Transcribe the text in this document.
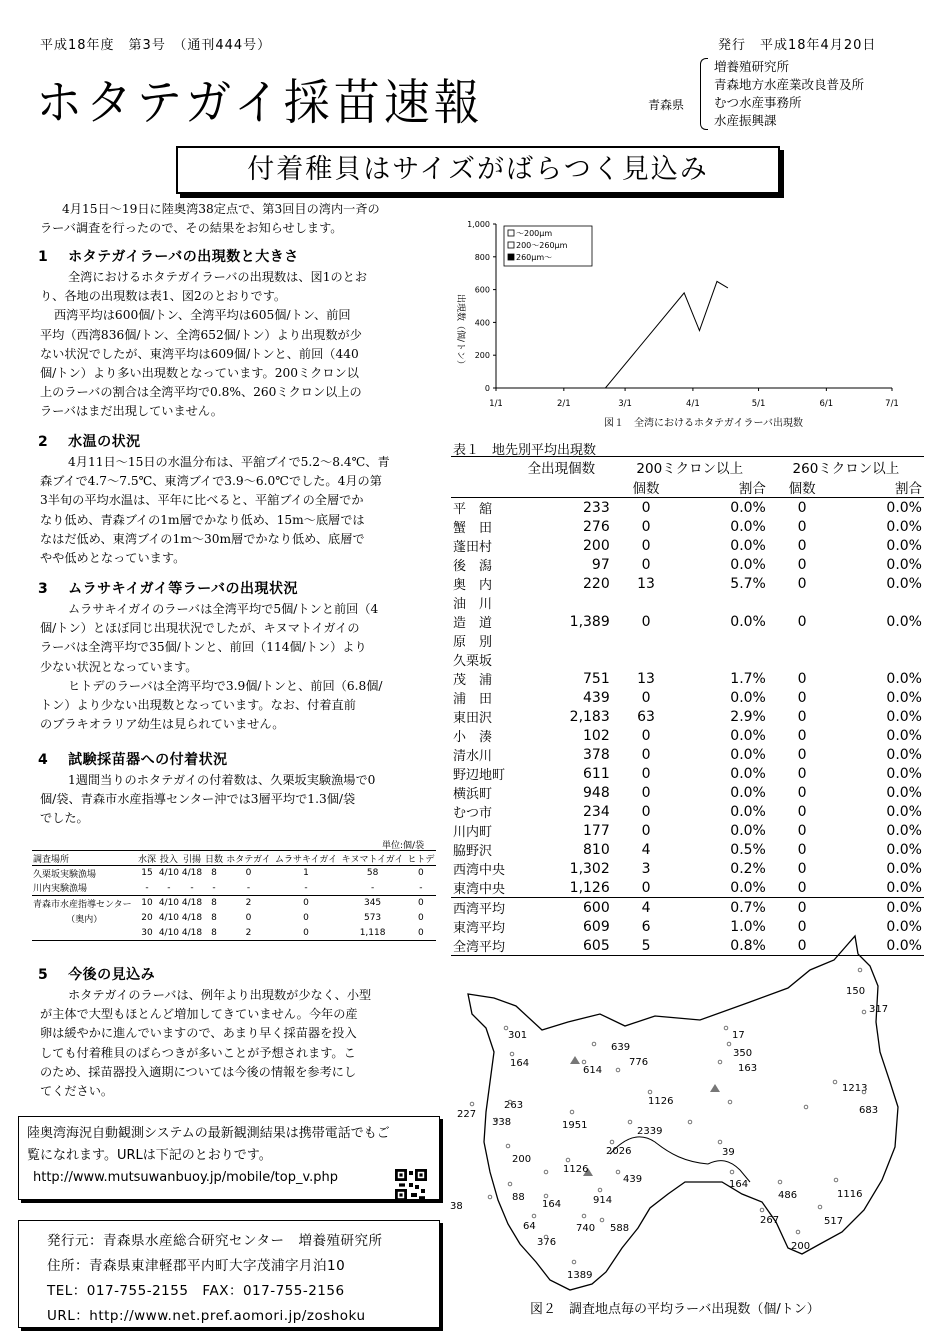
平成18年度　第3号　（通刊444号）	発行　平成18年4月20日
ホタテガイ採苗速報	青森県
増養殖研究所
青森地方水産業改良普及所
むつ水産事務所
水産振興課
付着稚貝はサイズがばらつく見込み
4月15日～19日に陸奥湾38定点で、第3回目の湾内一斉の
ラーバ調査を行ったので、その結果をお知らせします。
1　 ホタテガイラーバの出現数と大きさ
全湾におけるホタテガイラーバの出現数は、図1のとお
り、各地の出現数は表1、図2のとおりです。
西湾平均は600個/トン、全湾平均は605個/トン、前回
平均（西湾836個/トン、全湾652個/トン）より出現数が少
ない状況でしたが、東湾平均は609個/トンと、前回（440
個/トン）より多い出現数となっています。200ミクロン以
上のラーバの割合は全湾平均で0.8%、260ミクロン以上の
ラーバはまだ出現していません。
2　 水温の状況
4月11日～15日の水温分布は、平舘ブイで5.2～8.4℃、青
森ブイで4.7～7.5℃、東湾ブイで3.9～6.0℃でした。4月の第
3半旬の平均水温は、平年に比べると、平舘ブイの全層でか
なり低め、青森ブイの1m層でかなり低め、15m～底層では
なはだ低め、東湾ブイの1m～30m層でかなり低め、底層で
やや低めとなっています。
3　 ムラサキイガイ等ラーバの出現状況
ムラサキイガイのラーバは全湾平均で5個/トンと前回（4
個/トン）とほぼ同じ出現状況でしたが、キヌマトイガイの
ラーバは全湾平均で35個/トンと、前回（114個/トン）より
少ない状況となっています。
ヒトデのラーバは全湾平均で3.9個/トンと、前回（6.8個/
トン）より少ない出現数となっています。なお、付着直前
のブラキオラリア幼生は見られていません。
4　 試験採苗器への付着状況
1週間当りのホタテガイの付着数は、久栗坂実験漁場で0
個/袋、青森市水産指導センター沖では3層平均で1.3個/袋
でした。
単位:個/袋
調査場所	水深	投入	引揚	日数	ホタテガイ	ムラサキイガイ	キヌマトイガイ	ヒトデ
久栗坂実験漁場	15	4/10	4/18	8	0	1	58	0
川内実験漁場	-	-	-	-	-	-	-	-
青森市水産指導センター	10	4/10	4/18	8	2	0	345	0
（奥内）	20	4/10	4/18	8	0	0	573	0
	30	4/10	4/18	8	2	0	1,118	0
5　 今後の見込み
ホタテガイのラーバは、例年より出現数が少なく、小型
が主体で大型もほとんど増加してきていません。今年の産
卵は緩やかに進んでいますので、あまり早く採苗器を投入
しても付着稚貝のばらつきが多いことが予想されます。こ
のため、採苗器投入適期については今後の情報を参考にし
てください。
陸奥湾海況自動観測システムの最新観測結果は携帯電話でもご
覧になれます。URLは下記のとおりです。
http://www.mutsuwanbuoy.jp/mobile/top_v.php
発行元：青森県水産総合研究センター　増養殖研究所
住所：青森県東津軽郡平内町大字茂浦字月泊10
TEL：017-755-2155　FAX：017-755-2156
URL：http://www.net.pref.aomori.jp/zoshoku
0
200
400
600
800
1,000
1/1	2/1	3/1	4/1	5/1	6/1	7/1
～200μm
200～260μm
260μm～
出現数（個/トン）
図１　全湾におけるホタテガイラーバ出現数
表１　地先別平均出現数
	全出現個数	200ミクロン以上		260ミクロン以上	
		個数	割合	個数	割合
平　舘	233	0	0.0%	0	0.0%
蟹　田	276	0	0.0%	0	0.0%
蓬田村	200	0	0.0%	0	0.0%
後　潟	97	0	0.0%	0	0.0%
奥　内	220	13	5.7%	0	0.0%
油　川					
造　道	1,389	0	0.0%	0	0.0%
原　別					
久栗坂					
茂　浦	751	13	1.7%	0	0.0%
浦　田	439	0	0.0%	0	0.0%
東田沢	2,183	63	2.9%	0	0.0%
小　湊	102	0	0.0%	0	0.0%
清水川	378	0	0.0%	0	0.0%
野辺地町	611	0	0.0%	0	0.0%
横浜町	948	0	0.0%	0	0.0%
むつ市	234	0	0.0%	0	0.0%
川内町	177	0	0.0%	0	0.0%
脇野沢	810	4	0.5%	0	0.0%
西湾中央	1,302	3	0.2%	0	0.0%
東湾中央	1,126	0	0.0%	0	0.0%
西湾平均	600	4	0.7%	0	0.0%
東湾平均	609	6	1.0%	0	0.0%
全湾平均	605	5	0.8%	0	0.0%
150
317
301
639
17
350
164
614
776
163
1213
683
227
263
338
1126
1951
2339
2026	39
200
1126
439	164
486	1116
88	914
267	517
38	164
64	740 588
376	200
1389
図２　調査地点毎の平均ラーバ出現数（個/トン）
